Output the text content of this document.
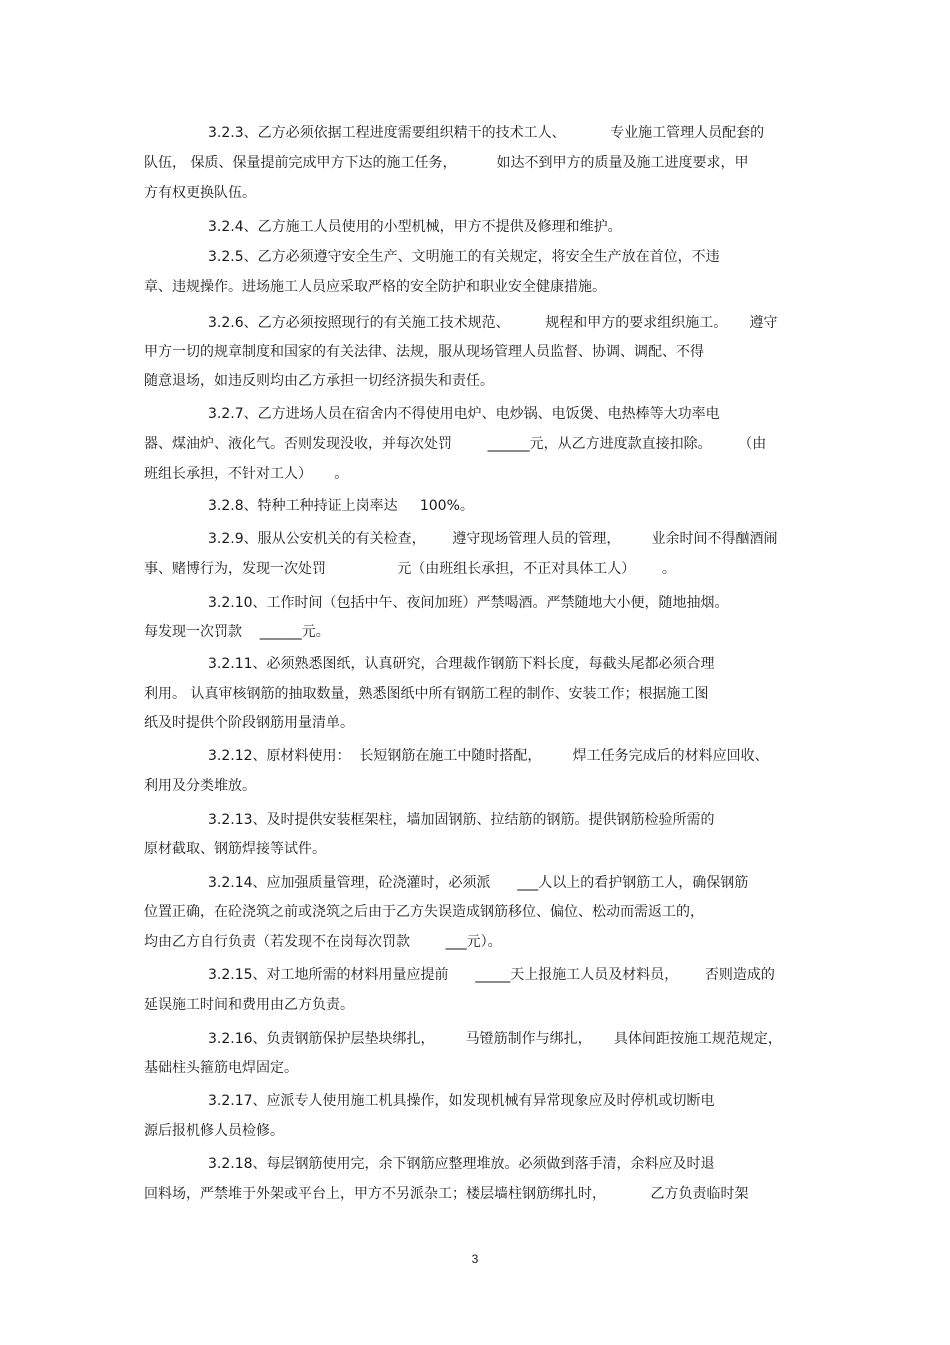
3.2.3、乙方必须依据工程进度需要组织精干的技术工人、          专业施工管理人员配套的
队伍， 保质、保量提前完成甲方下达的施工任务，         如达不到甲方的质量及施工进度要求，甲
方有权更换队伍。
3.2.4、乙方施工人员使用的小型机械，甲方不提供及修理和维护。
3.2.5、乙方必须遵守安全生产、文明施工的有关规定，将安全生产放在首位，不违
章、违规操作。进场施工人员应采取严格的安全防护和职业安全健康措施。
3.2.6、乙方必须按照现行的有关施工技术规范、        规程和甲方的要求组织施工。     遵守
甲方一切的规章制度和国家的有关法律、法规，服从现场管理人员监督、协调、调配、不得
随意退场，如违反则均由乙方承担一切经济损失和责任。
3.2.7、乙方进场人员在宿舍内不得使用电炉、电炒锅、电饭煲、电热棒等大功率电
器、煤油炉、液化气。否则发现没收，并每次处罚        ______元，从乙方进度款直接扣除。      （由
班组长承担，不针对工人）     。
3.2.8、特种工种持证上岗率达     100%。
3.2.9、服从公安机关的有关检查，      遵守现场管理人员的管理，       业余时间不得酗酒闹
事、赌博行为，发现一次处罚                元（由班组长承担，不正对具体工人）      。
3.2.10、工作时间（包括中午、夜间加班）严禁喝酒。严禁随地大小便，随地抽烟。
每发现一次罚款    ______元。
3.2.11、必须熟悉图纸，认真研究，合理裁作钢筋下料长度，每截头尾都必须合理
利用。 认真审核钢筋的抽取数量，熟悉图纸中所有钢筋工程的制作、安装工作；根据施工图
纸及时提供个阶段钢筋用量清单。
3.2.12、原材料使用：  长短钢筋在施工中随时搭配，       焊工任务完成后的材料应回收、
利用及分类堆放。
3.2.13、及时提供安装框架柱，墙加固钢筋、拉结筋的钢筋。提供钢筋检验所需的
原材截取、钢筋焊接等试件。
3.2.14、应加强质量管理，砼浇灌时，必须派      ___人以上的看护钢筋工人，确保钢筋
位置正确，在砼浇筑之前或浇筑之后由于乙方失误造成钢筋移位、偏位、松动而需返工的，
均由乙方自行负责（若发现不在岗每次罚款        ___元）。
3.2.15、对工地所需的材料用量应提前      _____天上报施工人员及材料员，      否则造成的
延误施工时间和费用由乙方负责。
3.2.16、负责钢筋保护层垫块绑扎，       马镫筋制作与绑扎，     具体间距按施工规范规定，
基础柱头箍筋电焊固定。
3.2.17、应派专人使用施工机具操作，如发现机械有异常现象应及时停机或切断电
源后报机修人员检修。
3.2.18、每层钢筋使用完，余下钢筋应整理堆放。必须做到落手清，余料应及时退
回料场，严禁堆于外架或平台上，甲方不另派杂工；楼层墙柱钢筋绑扎时，          乙方负责临时架
3
